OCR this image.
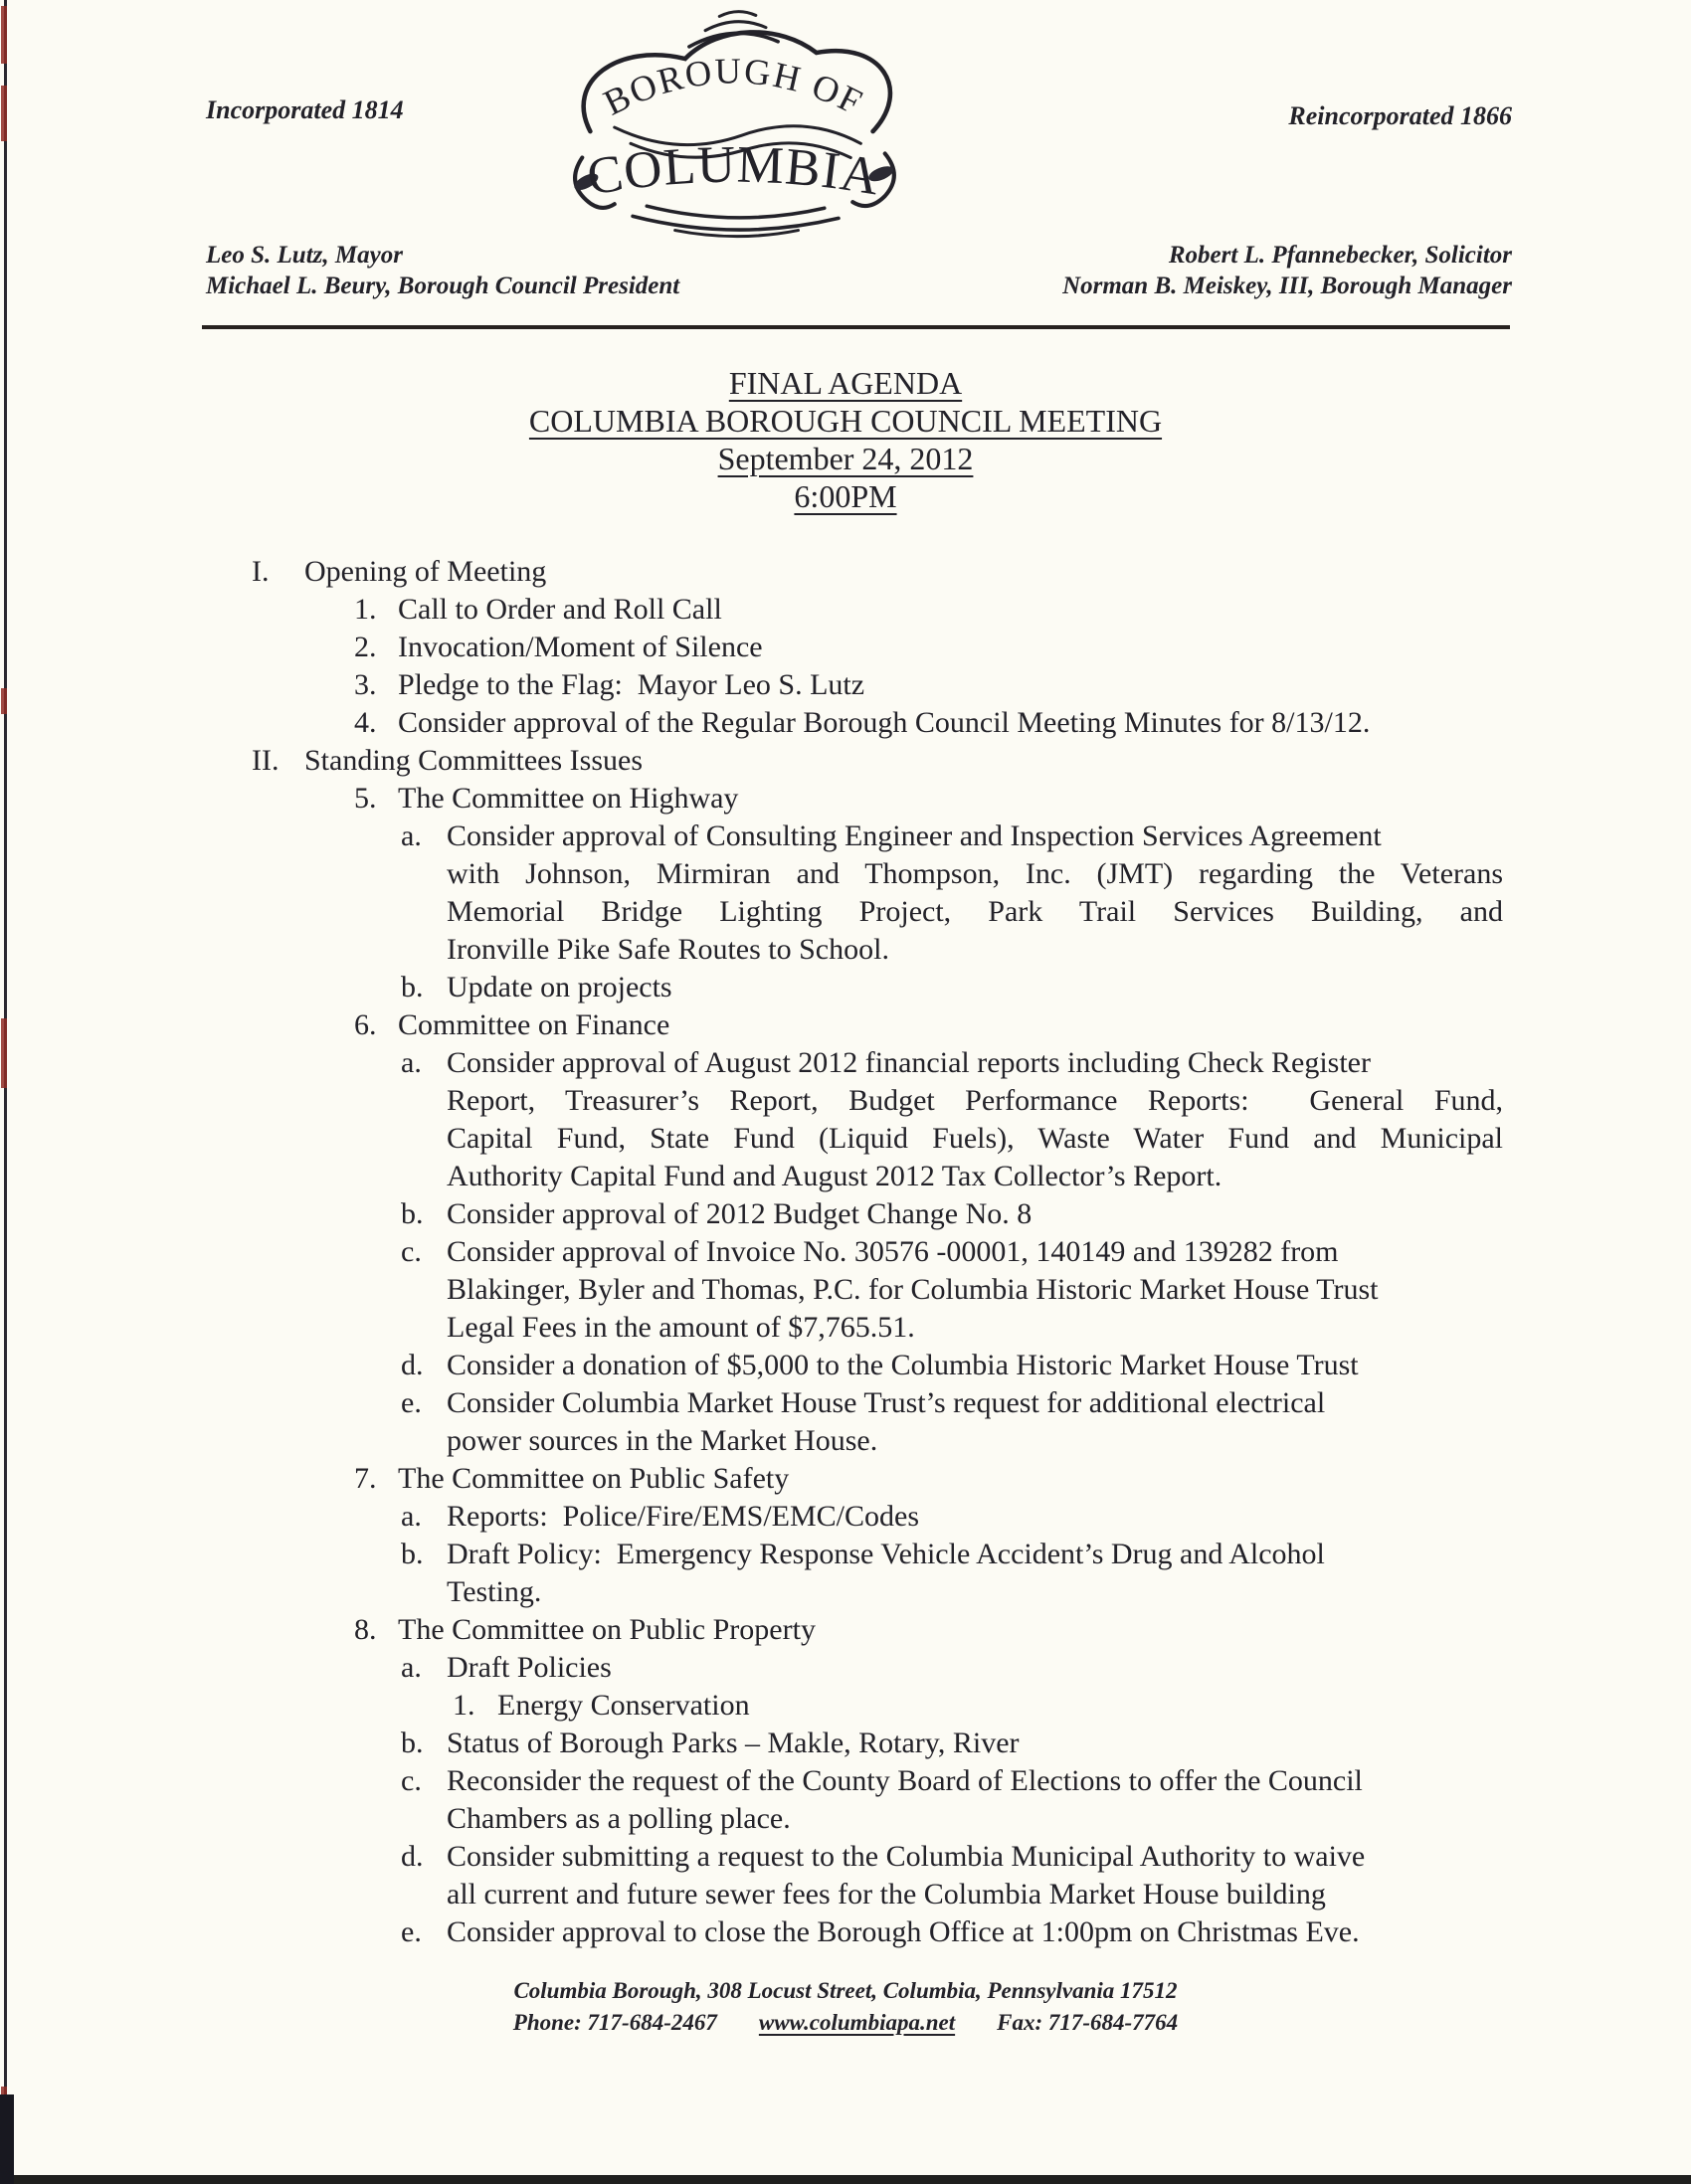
Incorporated 1814	Reincorporated 1866
BOROUGH OF
COLUMBIA
Leo S. Lutz, Mayor
Michael L. Beury, Borough Council President
Robert L. Pfannebecker, Solicitor
Norman B. Meiskey, III, Borough Manager
FINAL AGENDA
COLUMBIA BOROUGH COUNCIL MEETING
September 24, 2012
6:00PM
I. Opening of Meeting
1. Call to Order and Roll Call
2. Invocation/Moment of Silence
3. Pledge to the Flag:  Mayor Leo S. Lutz
4. Consider approval of the Regular Borough Council Meeting Minutes for 8/13/12.
II. Standing Committees Issues
5. The Committee on Highway
a. Consider approval of Consulting Engineer and Inspection Services Agreement
with Johnson, Mirmiran and Thompson, Inc. (JMT) regarding the Veterans
Memorial Bridge Lighting Project, Park Trail Services Building, and
Ironville Pike Safe Routes to School.
b. Update on projects
6. Committee on Finance
a. Consider approval of August 2012 financial reports including Check Register
Report, Treasurer’s Report, Budget Performance Reports:  General Fund,
Capital Fund, State Fund (Liquid Fuels), Waste Water Fund and Municipal
Authority Capital Fund and August 2012 Tax Collector’s Report.
b. Consider approval of 2012 Budget Change No. 8
c. Consider approval of Invoice No. 30576 -00001, 140149 and 139282 from
Blakinger, Byler and Thomas, P.C. for Columbia Historic Market House Trust
Legal Fees in the amount of $7,765.51.
d. Consider a donation of $5,000 to the Columbia Historic Market House Trust
e. Consider Columbia Market House Trust’s request for additional electrical
power sources in the Market House.
7. The Committee on Public Safety
a. Reports:  Police/Fire/EMS/EMC/Codes
b. Draft Policy:  Emergency Response Vehicle Accident’s Drug and Alcohol
Testing.
8. The Committee on Public Property
a. Draft Policies
1. Energy Conservation
b. Status of Borough Parks – Makle, Rotary, River
c. Reconsider the request of the County Board of Elections to offer the Council
Chambers as a polling place.
d. Consider submitting a request to the Columbia Municipal Authority to waive
all current and future sewer fees for the Columbia Market House building
e. Consider approval to close the Borough Office at 1:00pm on Christmas Eve.
Columbia Borough, 308 Locust Street, Columbia, Pennsylvania 17512
Phone: 717-684-2467 www.columbiapa.net Fax: 717-684-7764
